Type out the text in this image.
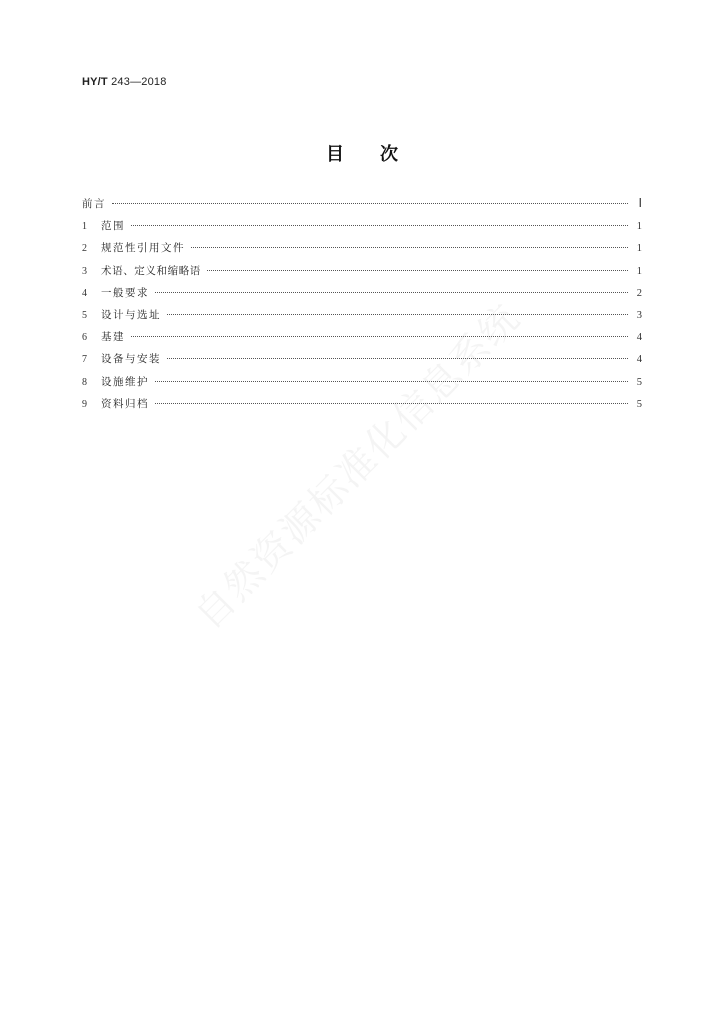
HY/T 243—2018
目 次
前言	Ⅰ
1	范围	1
2	规范性引用文件	1
3	术语、定义和缩略语	1
4	一般要求	2
5	设计与选址	3
6	基建	4
7	设备与安装	4
8	设施维护	5
9	资料归档	5
自然资源标准化信息系统
